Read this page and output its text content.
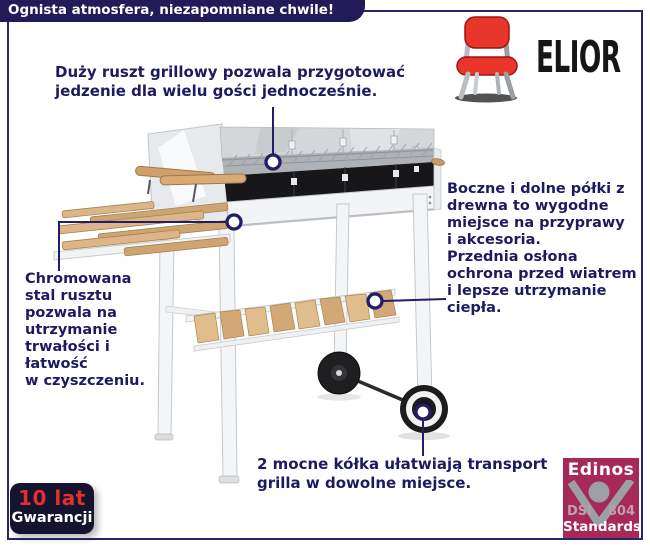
Ognista atmosfera, niezapomniane chwile!
ELIOR
Duży ruszt grillowy pozwala przygotować
jedzenie dla wielu gości jednocześnie.
Boczne i dolne półki z
drewna to wygodne
miejsce na przyprawy
i akcesoria.
Przednia osłona
ochrona przed wiatrem
i lepsze utrzymanie
ciepła.
Chromowana
stal rusztu
pozwala na
utrzymanie
trwałości i
łatwość
w czyszczeniu.
2 mocne kółka ułatwiają transport
grilla w dowolne miejsce.
10 lat
Gwarancji
Edinos
DSI 804
Standards
